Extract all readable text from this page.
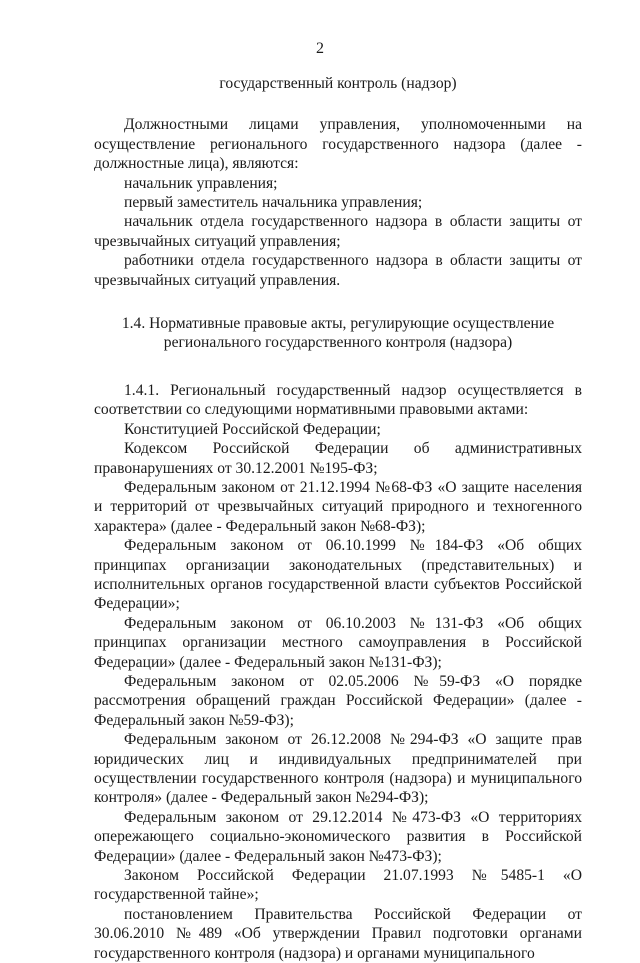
2

государственный контроль (надзор)

Должностными лицами управления, уполномоченными на осуществление регионального государственного надзора (далее - должностные лица), являются:

начальник управления;

первый заместитель начальника управления;

начальник отдела государственного надзора в области защиты от чрезвычайных ситуаций управления;

работники отдела государственного надзора в области защиты от чрезвычайных ситуаций управления.

1.4. Нормативные правовые акты, регулирующие осуществление регионального государственного контроля (надзора)

1.4.1. Региональный государственный надзор осуществляется в соответствии со следующими нормативными правовыми актами:

Конституцией Российской Федерации;

Кодексом Российской Федерации об административных правонарушениях от 30.12.2001 №195-ФЗ;

Федеральным законом от 21.12.1994 №68-ФЗ «О защите населения и территорий от чрезвычайных ситуаций природного и техногенного характера» (далее - Федеральный закон №68-ФЗ);

Федеральным законом от 06.10.1999 №184-ФЗ «Об общих принципах организации законодательных (представительных) и исполнительных органов государственной власти субъектов Российской Федерации»;

Федеральным законом от 06.10.2003 №131-ФЗ «Об общих принципах организации местного самоуправления в Российской Федерации» (далее - Федеральный закон №131-ФЗ);

Федеральным законом от 02.05.2006 №59-ФЗ «О порядке рассмотрения обращений граждан Российской Федерации» (далее - Федеральный закон №59-ФЗ);

Федеральным законом от 26.12.2008 №294-ФЗ «О защите прав юридических лиц и индивидуальных предпринимателей при осуществлении государственного контроля (надзора) и муниципального контроля» (далее - Федеральный закон №294-ФЗ);

Федеральным законом от 29.12.2014 №473-ФЗ «О территориях опережающего социально-экономического развития в Российской Федерации» (далее - Федеральный закон №473-ФЗ);

Законом Российской Федерации 21.07.1993 №5485-1 «О государственной тайне»;

постановлением Правительства Российской Федерации от 30.06.2010 №489 «Об утверждении Правил подготовки органами государственного контроля (надзора) и органами муниципального
